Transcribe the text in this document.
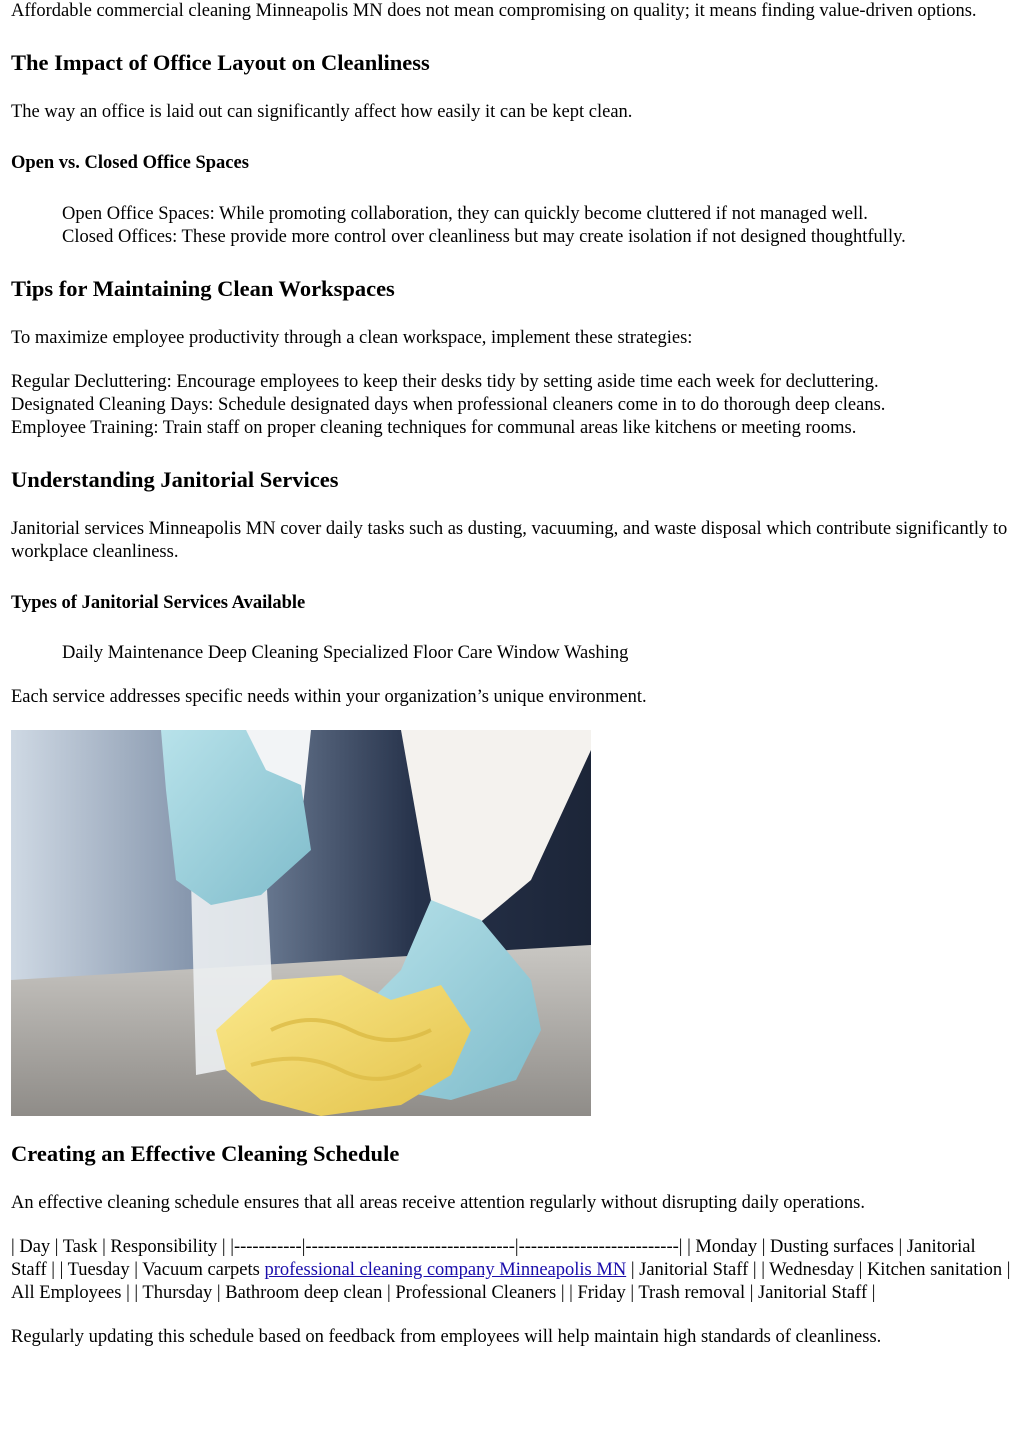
Affordable commercial cleaning Minneapolis MN does not mean compromising on quality; it means finding value-driven options.

The Impact of Office Layout on Cleanliness

The way an office is laid out can significantly affect how easily it can be kept clean.

Open vs. Closed Office Spaces

Open Office Spaces: While promoting collaboration, they can quickly become cluttered if not managed well.

Closed Offices: These provide more control over cleanliness but may create isolation if not designed thoughtfully.

Tips for Maintaining Clean Workspaces

To maximize employee productivity through a clean workspace, implement these strategies:

Regular Decluttering: Encourage employees to keep their desks tidy by setting aside time each week for decluttering.

Designated Cleaning Days: Schedule designated days when professional cleaners come in to do thorough deep cleans.

Employee Training: Train staff on proper cleaning techniques for communal areas like kitchens or meeting rooms.

Understanding Janitorial Services

Janitorial services Minneapolis MN cover daily tasks such as dusting, vacuuming, and waste disposal which contribute significantly to workplace cleanliness.

Types of Janitorial Services Available

Daily Maintenance Deep Cleaning Specialized Floor Care Window Washing

Each service addresses specific needs within your organization’s unique environment.

Creating an Effective Cleaning Schedule

An effective cleaning schedule ensures that all areas receive attention regularly without disrupting daily operations.

| Day | Task | Responsibility | |-----------|----------------------------------|--------------------------| | Monday | Dusting surfaces | Janitorial Staff | | Tuesday | Vacuum carpets professional cleaning company Minneapolis MN | Janitorial Staff | | Wednesday | Kitchen sanitation | All Employees | | Thursday | Bathroom deep clean | Professional Cleaners | | Friday | Trash removal | Janitorial Staff |

Regularly updating this schedule based on feedback from employees will help maintain high standards of cleanliness.
